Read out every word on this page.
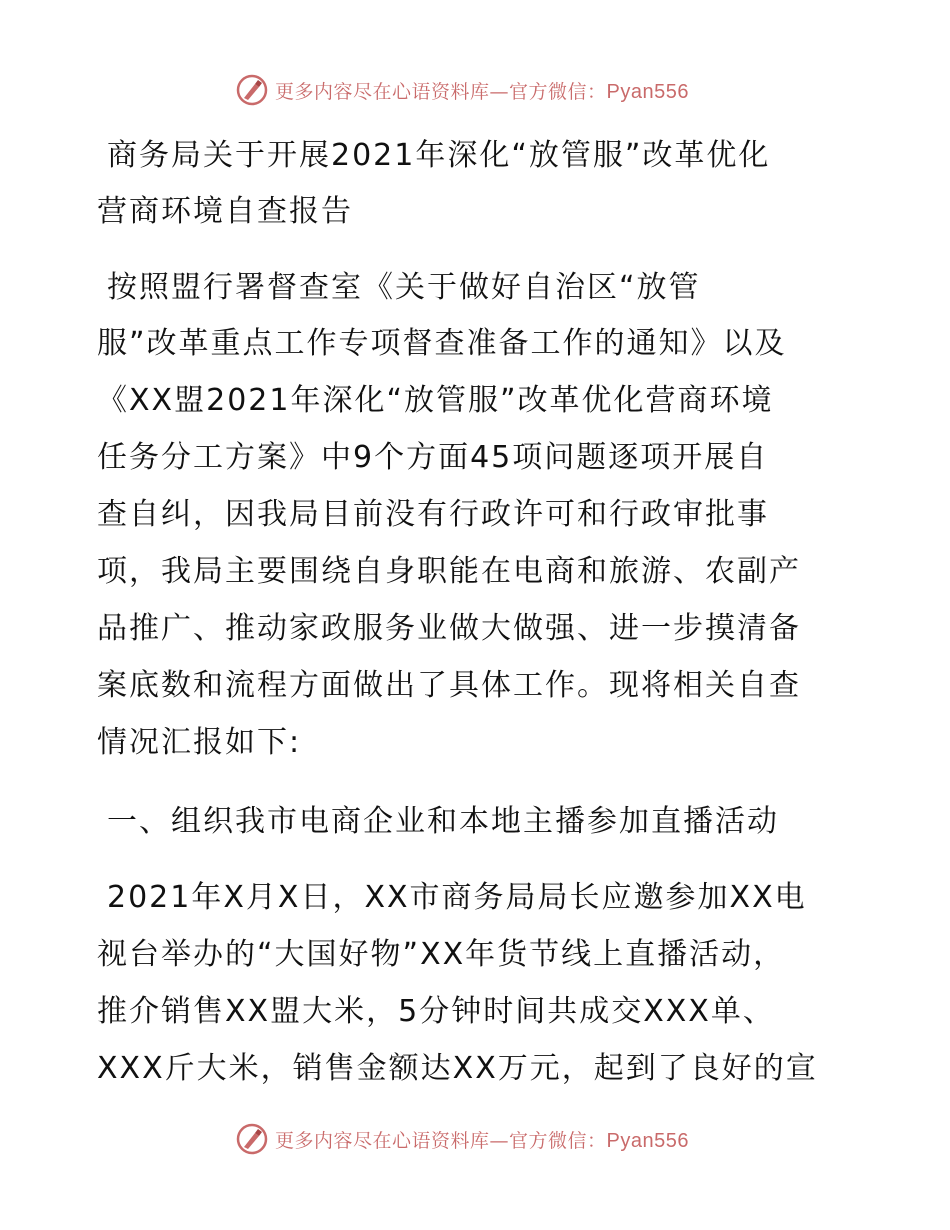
更多内容尽在心语资料库—官方微信：Pyan556
商务局关于开展2021年深化“放管服”改革优化
营商环境自查报告
按照盟行署督查室《关于做好自治区“放管
服”改革重点工作专项督查准备工作的通知》以及
《XX盟2021年深化“放管服”改革优化营商环境
任务分工方案》中9个方面45项问题逐项开展自
查自纠，因我局目前没有行政许可和行政审批事
项，我局主要围绕自身职能在电商和旅游、农副产
品推广、推动家政服务业做大做强、进一步摸清备
案底数和流程方面做出了具体工作。现将相关自查
情况汇报如下:
一、组织我市电商企业和本地主播参加直播活动
2021年X月X日，XX市商务局局长应邀参加XX电
视台举办的“大国好物”XX年货节线上直播活动，
推介销售XX盟大米，5分钟时间共成交XXX单、
XXX斤大米，销售金额达XX万元，起到了良好的宣
更多内容尽在心语资料库—官方微信：Pyan556
